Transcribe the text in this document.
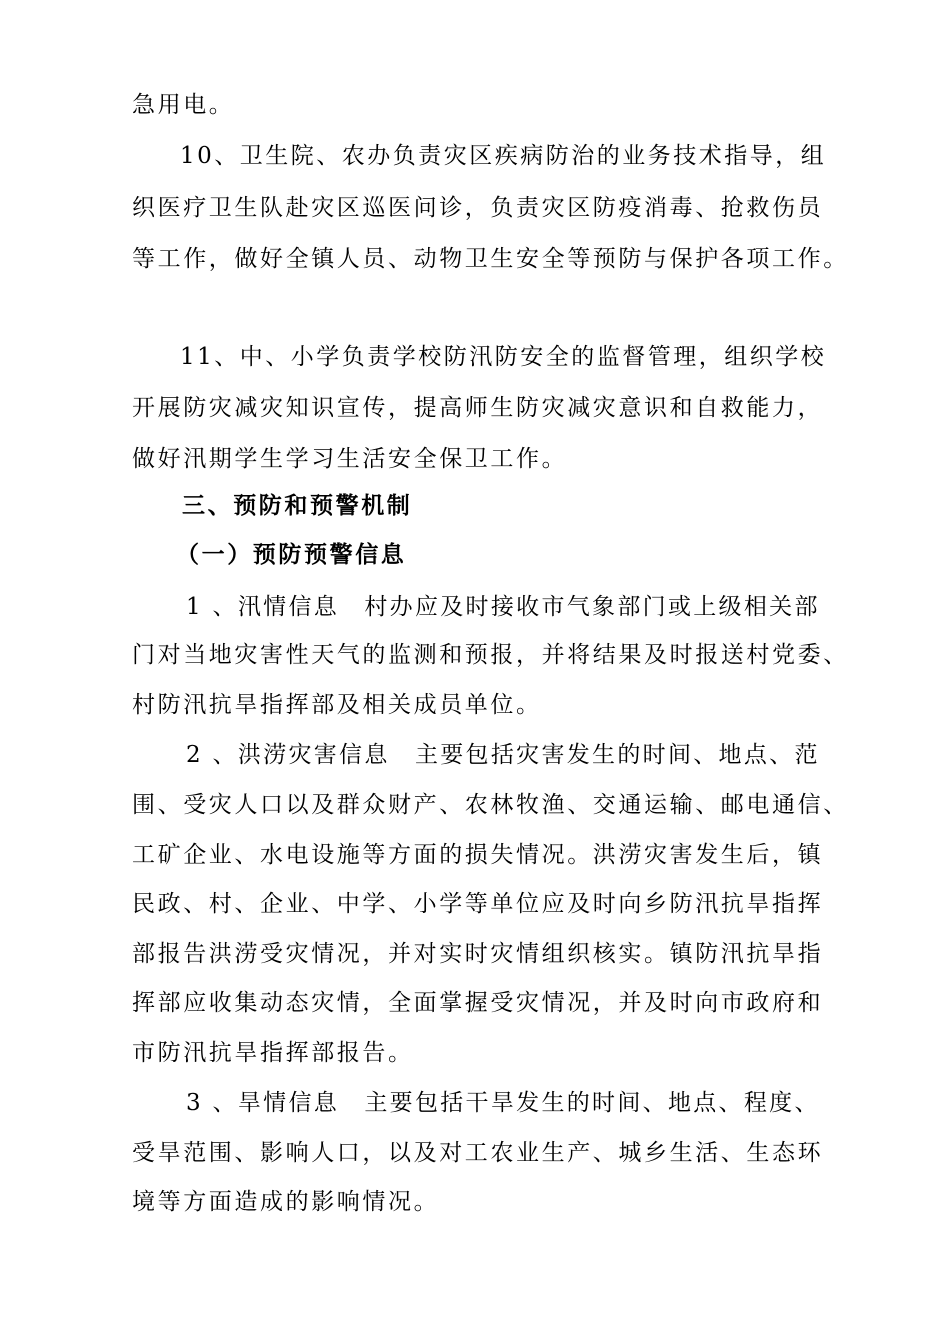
急用电。
10、卫生院、农办负责灾区疾病防治的业务技术指导，组
织医疗卫生队赴灾区巡医问诊，负责灾区防疫消毒、抢救伤员
等工作，做好全镇人员、动物卫生安全等预防与保护各项工作。
11、中、小学负责学校防汛防安全的监督管理，组织学校
开展防灾减灾知识宣传，提高师生防灾减灾意识和自救能力，
做好汛期学生学习生活安全保卫工作。
三、预防和预警机制
（一）预防预警信息
1 、汛情信息　村办应及时接收市气象部门或上级相关部
门对当地灾害性天气的监测和预报，并将结果及时报送村党委、
村防汛抗旱指挥部及相关成员单位。
2 、洪涝灾害信息　主要包括灾害发生的时间、地点、范
围、受灾人口以及群众财产、农林牧渔、交通运输、邮电通信、
工矿企业、水电设施等方面的损失情况。洪涝灾害发生后，镇
民政、村、企业、中学、小学等单位应及时向乡防汛抗旱指挥
部报告洪涝受灾情况，并对实时灾情组织核实。镇防汛抗旱指
挥部应收集动态灾情，全面掌握受灾情况，并及时向市政府和
市防汛抗旱指挥部报告。
3 、旱情信息　主要包括干旱发生的时间、地点、程度、
受旱范围、影响人口，以及对工农业生产、城乡生活、生态环
境等方面造成的影响情况。
